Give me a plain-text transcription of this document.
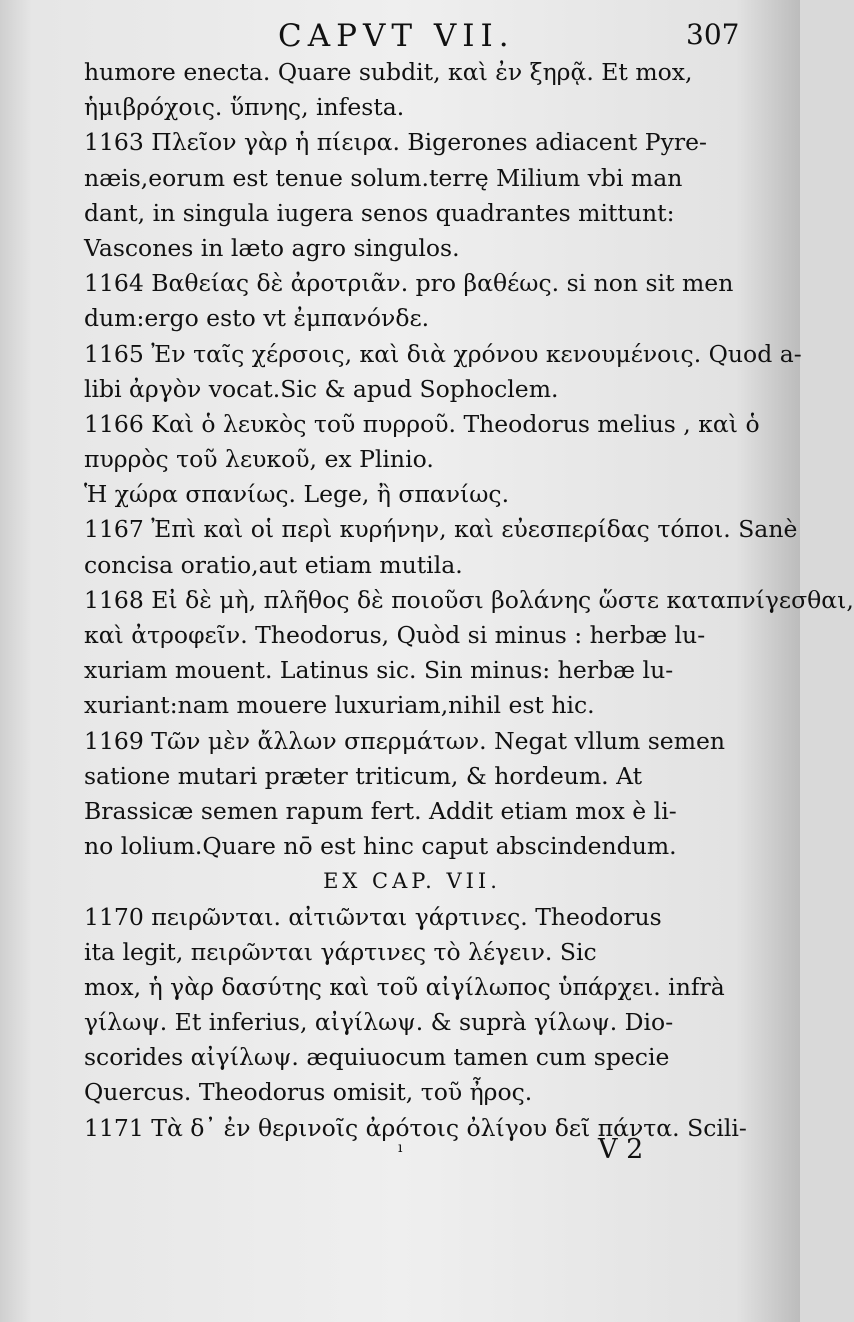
CAPVT VII.	307
humore enecta. Quare subdit, καὶ ἐν ξηρᾷ. Et mox,
ἡμιβρόχοις. ὕπνης, infesta.
1163 Πλεῖον γὰρ ἡ πίειρα. Bigerones adiacent Pyre-
næis,eorum est tenue solum.terrę Milium vbi man
dant, in singula iugera senos quadrantes mittunt:
Vascones in læto agro singulos.
1164 Βαθείας δὲ ἀροτριᾶν. pro βαθέως. si non sit men
dum:ergo esto vt ἐμπανόνδε.
1165 Ἐν ταῖς χέρσοις, καὶ διὰ χρόνου κενουμένοις. Quod a-
libi ἀργὸν vocat.Sic & apud Sophoclem.
1166 Καὶ ὁ λευκὸς τοῦ πυρροῦ. Theodorus melius , καὶ ὁ
πυρρὸς τοῦ λευκοῦ, ex Plinio.
Ἡ χώρα σπανίως. Lege, ἢ σπανίως.
1167 Ἐπὶ καὶ οἱ περὶ κυρήνην, καὶ εὐεσπερίδας τόποι. Sanè
concisa oratio,aut etiam mutila.
1168 Εἰ δὲ μὴ, πλῆθος δὲ ποιοῦσι βολάνης ὥστε καταπνίγεσθαι,
καὶ ἀτροφεῖν. Theodorus, Quòd si minus : herbæ lu-
xuriam mouent. Latinus sic. Sin minus: herbæ lu-
xuriant:nam mouere luxuriam,nihil est hic.
1169 Τῶν μὲν ἄλλων σπερμάτων. Negat vllum semen
satione mutari præter triticum, & hordeum. At
Brassicæ semen rapum fert. Addit etiam mox è li-
no lolium.Quare nō est hinc caput abscindendum.
EX CAP. VII.
1170 πειρῶνται. αἰτιῶνται γάρτινες. Theodorus
ita legit, πειρῶνται γάρτινες τὸ λέγειν. Sic
mox, ἡ γὰρ δασύτης καὶ τοῦ αἰγίλωπος ὑπάρχει. infrà
γίλωψ. Et inferius, αἰγίλωψ. & suprà γίλωψ. Dio-
scorides αἰγίλωψ. æquiuocum tamen cum specie
Quercus. Theodorus omisit, τοῦ ἦρος.
1171 Τὰ δ᾽ ἐν θερινοῖς ἀρότοις ὀλίγου δεῖ πάντα. Scili-
ı	V 2
